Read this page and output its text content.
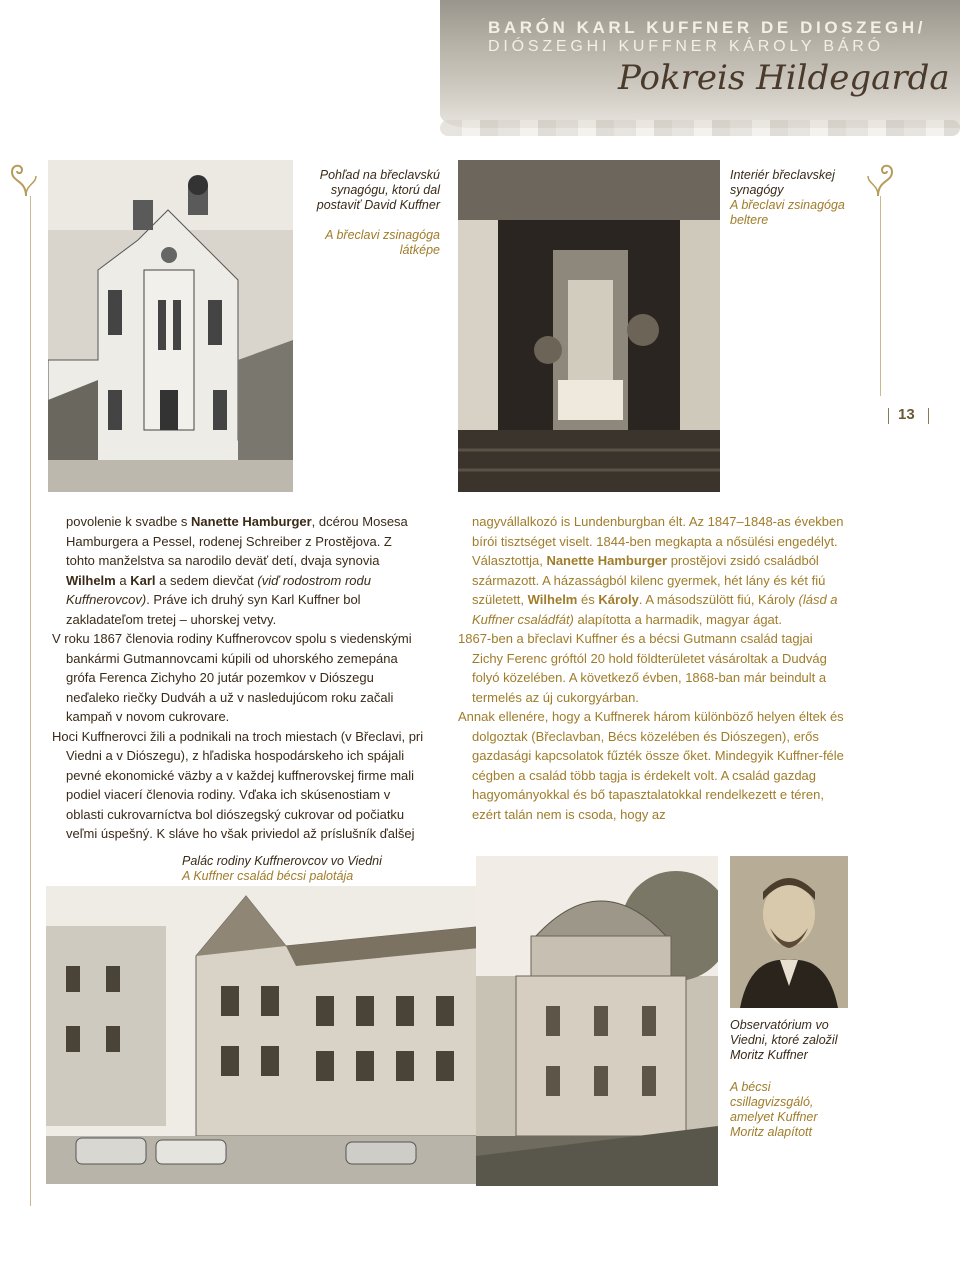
BARÓN KARL KUFFNER DE DIOSZEGH/
DIÓSZEGHI KUFFNER KÁROLY BÁRÓ
Pokreis Hildegarda
Pohľad na břeclavskú synagógu, ktorú dal postaviť David Kuffner
A břeclavi zsinagóga látképe
Interiér břeclavskej synagógy
A břeclavi zsinagóga beltere
13

povolenie k svadbe s Nanette Hamburger, dcérou Mosesa Hamburgera a Pessel, rodenej Schreiber z Prostějova. Z tohto manželstva sa narodilo deväť detí, dvaja synovia Wilhelm a Karl a sedem dievčat (viď rodostrom rodu Kuffnerovcov). Práve ich druhý syn Karl Kuffner bol zakladateľom tretej – uhorskej vetvy.

V roku 1867 členovia rodiny Kuffnerovcov spolu s viedenskými bankármi Gutmannovcami kúpili od uhorského zemepána grófa Ferenca Zichyho 20 jutár pozemkov v Diószegu neďaleko riečky Dudváh a už v nasledujúcom roku začali kampaň v novom cukrovare.

Hoci Kuffnerovci žili a podnikali na troch miestach (v Břeclavi, pri Viedni a v Diószegu), z hľadiska hospodárskeho ich spájali pevné ekonomické väzby a v každej kuffnerovskej firme mali podiel viacerí členovia rodiny. Vďaka ich skúsenostiam v oblasti cukrovarníctva bol diószegský cukrovar od počiatku veľmi úspešný. K sláve ho však priviedol až príslušník ďalšej

nagyvállalkozó is Lundenburgban élt. Az 1847–1848-as években bírói tisztséget viselt. 1844-ben megkapta a nősülési engedélyt. Választottja, Nanette Hamburger prostějovi zsidó családból származott. A házasságból kilenc gyermek, hét lány és két fiú született, Wilhelm és Károly. A másodszülött fiú, Károly (lásd a Kuffner családfát) alapította a harmadik, magyar ágat.

1867-ben a břeclavi Kuffner és a bécsi Gutmann család tagjai Zichy Ferenc gróftól 20 hold földterületet vásároltak a Dudvág folyó közelében. A következő évben, 1868-ban már beindult a termelés az új cukorgyárban.

Annak ellenére, hogy a Kuffnerek három különböző helyen éltek és dolgoztak (Břeclavban, Bécs közelében és Diószegen), erős gazdasági kapcsolatok fűzték össze őket. Mindegyik Kuffner-féle cégben a család több tagja is érdekelt volt. A család gazdag hagyományokkal és bő tapasztalatokkal rendelkezett e téren, ezért talán nem is csoda, hogy az

Palác rodiny Kuffnerovcov vo Viedni
A Kuffner család bécsi palotája
Observatórium vo Viedni, ktoré založil Moritz Kuffner
A bécsi csillagvizsgáló, amelyet Kuffner Moritz alapított
